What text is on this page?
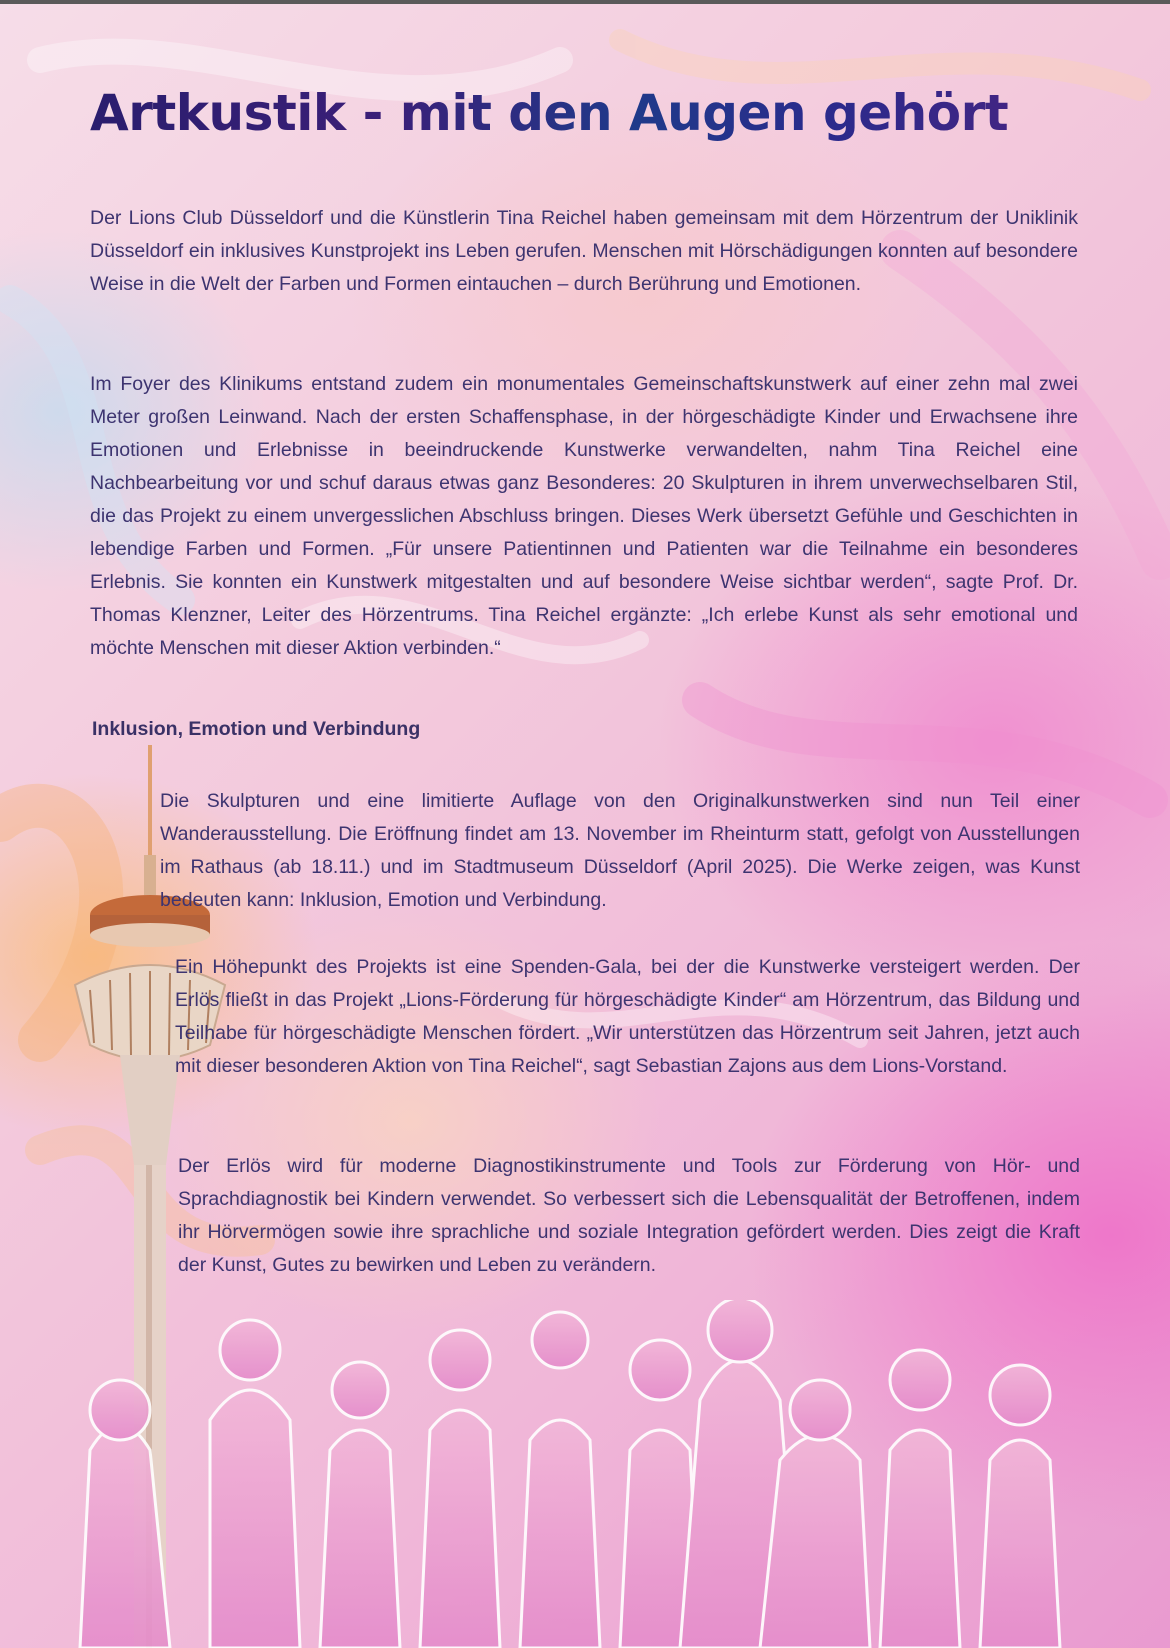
Artkustik - mit den Augen gehört

Der Lions Club Düsseldorf und die Künstlerin Tina Reichel haben gemeinsam mit dem Hörzentrum der Uniklinik Düsseldorf ein inklusives Kunstprojekt ins Leben gerufen. Menschen mit Hörschädigungen konnten auf besondere Weise in die Welt der Farben und Formen eintauchen – durch Berührung und Emotionen.

Im Foyer des Klinikums entstand zudem ein monumentales Gemeinschaftskunstwerk auf einer zehn mal zwei Meter großen Leinwand. Nach der ersten Schaffensphase, in der hörgeschädigte Kinder und Erwachsene ihre Emotionen und Erlebnisse in beeindruckende Kunstwerke verwandelten, nahm Tina Reichel eine Nachbearbeitung vor und schuf daraus etwas ganz Besonderes: 20 Skulpturen in ihrem unverwechselbaren Stil, die das Projekt zu einem unvergesslichen Abschluss bringen. Dieses Werk übersetzt Gefühle und Geschichten in lebendige Farben und Formen. „Für unsere Patientinnen und Patienten war die Teilnahme ein besonderes Erlebnis. Sie konnten ein Kunstwerk mitgestalten und auf besondere Weise sichtbar werden“, sagte Prof. Dr. Thomas Klenzner, Leiter des Hörzentrums. Tina Reichel ergänzte: „Ich erlebe Kunst als sehr emotional und möchte Menschen mit dieser Aktion verbinden.“

Inklusion, Emotion und Verbindung

Die Skulpturen und eine limitierte Auflage von den Originalkunstwerken sind nun Teil einer Wanderausstellung. Die Eröffnung findet am 13. November im Rheinturm statt, gefolgt von Ausstellungen im Rathaus (ab 18.11.) und im Stadtmuseum Düsseldorf (April 2025). Die Werke zeigen, was Kunst bedeuten kann: Inklusion, Emotion und Verbindung.

Ein Höhepunkt des Projekts ist eine Spenden-Gala, bei der die Kunstwerke versteigert werden. Der Erlös fließt in das Projekt „Lions-Förderung für hörgeschädigte Kinder“ am Hörzentrum, das Bildung und Teilhabe für hörgeschädigte Menschen fördert. „Wir unterstützen das Hörzentrum seit Jahren, jetzt auch mit dieser besonderen Aktion von Tina Reichel“, sagt Sebastian Zajons aus dem Lions-Vorstand.

Der Erlös wird für moderne Diagnostikinstrumente und Tools zur Förderung von Hör- und Sprachdiagnostik bei Kindern verwendet. So verbessert sich die Lebensqualität der Betroffenen, indem ihr Hörvermögen sowie ihre sprachliche und soziale Integration gefördert werden. Dies zeigt die Kraft der Kunst, Gutes zu bewirken und Leben zu verändern.
